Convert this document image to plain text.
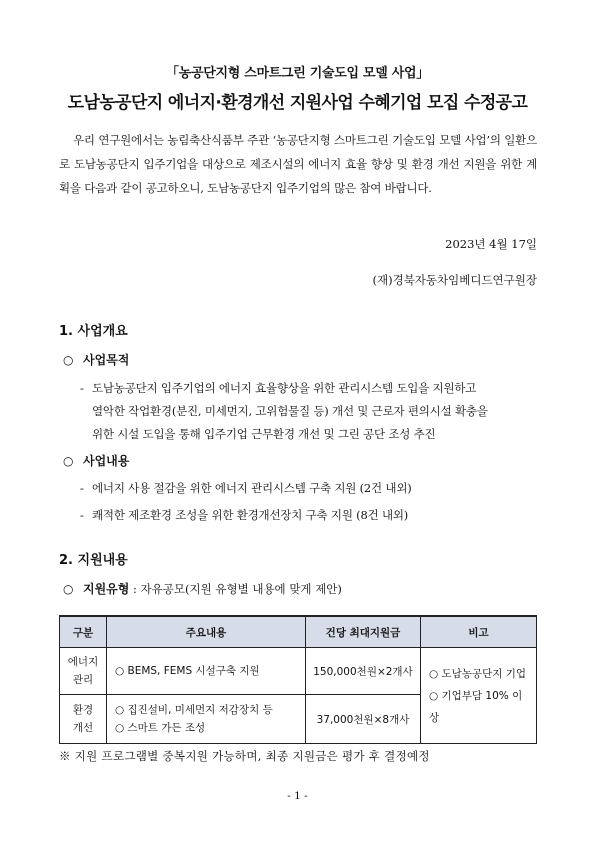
「농공단지형 스마트그린 기술도입 모델 사업」
도남농공단지 에너지·환경개선 지원사업 수혜기업 모집 수정공고

우리 연구원에서는 농림축산식품부 주관 ‘농공단지형 스마트그린 기술도입 모델 사업’의 일환으로 도남농공단지 입주기업을 대상으로 제조시설의 에너지 효율 향상 및 환경 개선 지원을 위한 계획을 다음과 같이 공고하오니, 도남농공단지 입주기업의 많은 참여 바랍니다.

2023년 4월 17일
(재)경북자동차임베디드연구원장
1. 사업개요
○ 사업목적
- 도남농공단지 입주기업의 에너지 효율향상을 위한 관리시스템 도입을 지원하고
열악한 작업환경(분진, 미세먼지, 고위험물질 등) 개선 및 근로자 편의시설 확충을
위한 시설 도입을 통해 입주기업 근무환경 개선 및 그린 공단 조성 추진
○ 사업내용
- 에너지 사용 절감을 위한 에너지 관리시스템 구축 지원 (2건 내외)
- 쾌적한 제조환경 조성을 위한 환경개선장치 구축 지원 (8건 내외)
2. 지원내용
○ 지원유형 : 자유공모(지원 유형별 내용에 맞게 제안)
구분	주요내용	건당 최대지원금	비고
에너지
관리	○ BEMS, FEMS 시설구축 지원	150,000천원×2개사	○ 도남농공단지 기업
○ 기업부담 10% 이상
환경
개선	○ 집진설비, 미세먼지 저감장치 등
○ 스마트 가든 조성	37,000천원×8개사	
※ 지원 프로그램별 중복지원 가능하며, 최종 지원금은 평가 후 결정예정
- 1 -
